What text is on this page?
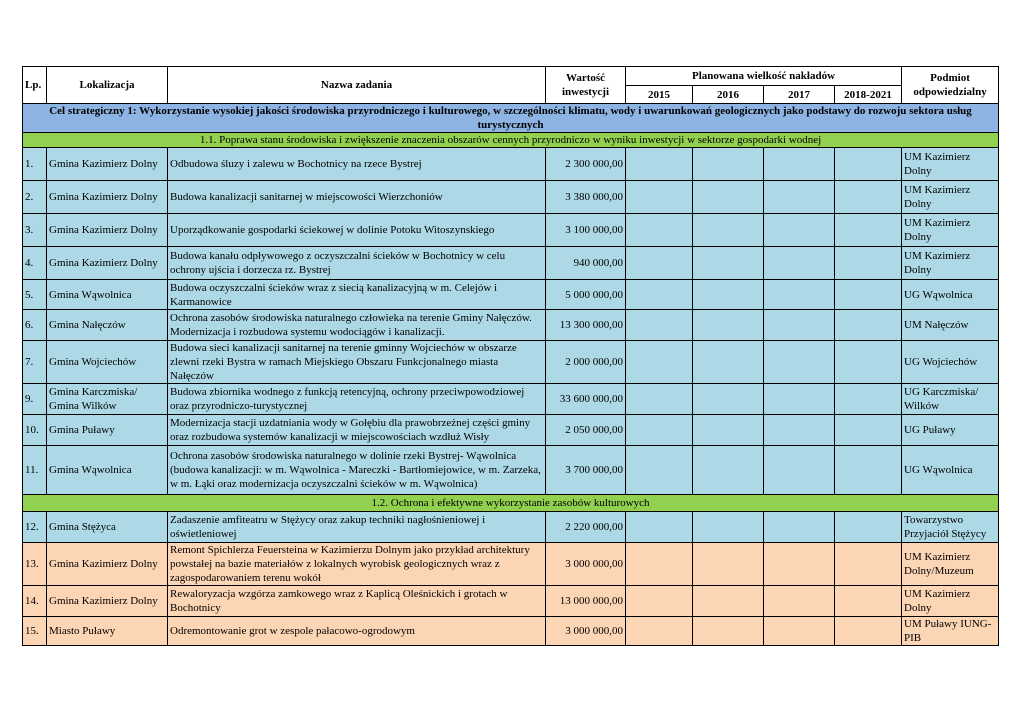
Lp.	Lokalizacja	Nazwa zadania	Wartość inwestycji	Planowana wielkość nakładów				Podmiot odpowiedzialny
				2015	2016	2017	2018-2021	
Cel strategiczny 1: Wykorzystanie wysokiej jakości środowiska przyrodniczego i kulturowego, w szczególności klimatu, wody i uwarunkowań geologicznych jako podstawy do rozwoju sektora usług turystycznych								
1.1. Poprawa stanu środowiska i zwiększenie znaczenia obszarów cennych przyrodniczo w wyniku inwestycji w sektorze gospodarki wodnej								
1.	Gmina Kazimierz Dolny	Odbudowa śluzy i zalewu w Bochotnicy na rzece Bystrej	2 300 000,00					UM Kazimierz Dolny
2.	Gmina Kazimierz Dolny	Budowa kanalizacji sanitarnej w miejscowości Wierzchoniów	3 380 000,00					UM Kazimierz Dolny
3.	Gmina Kazimierz Dolny	Uporządkowanie gospodarki ściekowej w dolinie Potoku Witoszynskiego	3 100 000,00					UM Kazimierz Dolny
4.	Gmina Kazimierz Dolny	Budowa kanału odpływowego z oczyszczalni ścieków w Bochotnicy w celu ochrony ujścia i dorzecza rz. Bystrej	940 000,00					UM Kazimierz Dolny
5.	Gmina Wąwolnica	Budowa oczyszczalni ścieków wraz z siecią kanalizacyjną w m. Celejów i Karmanowice	5 000 000,00					UG Wąwolnica
6.	Gmina Nałęczów	Ochrona zasobów środowiska naturalnego człowieka na terenie Gminy Nałęczów. Modernizacja i rozbudowa systemu wodociągów i kanalizacji.	13 300 000,00					UM Nałęczów
7.	Gmina Wojciechów	Budowa sieci kanalizacji sanitarnej na terenie gminny Wojciechów w obszarze zlewni rzeki Bystra w ramach Miejskiego Obszaru Funkcjonalnego miasta Nałęczów	2 000 000,00					UG Wojciechów
9.	Gmina Karczmiska/ Gmina Wilków	Budowa zbiornika wodnego z funkcją retencyjną, ochrony przeciwpowodziowej oraz przyrodniczo-turystycznej	33 600 000,00					UG Karczmiska/ Wilków
10.	Gmina Puławy	Modernizacja stacji uzdatniania wody w Gołębiu dla prawobrzeżnej części gminy oraz rozbudowa systemów kanalizacji w miejscowościach wzdłuż Wisły	2 050 000,00					UG Puławy
11.	Gmina Wąwolnica	Ochrona zasobów środowiska naturalnego w dolinie rzeki Bystrej- Wąwolnica (budowa kanalizacji: w m. Wąwolnica - Mareczki - Bartłomiejowice, w m. Zarzeka, w m. Łąki oraz modernizacja oczyszczalni ścieków w m. Wąwolnica)	3 700 000,00					UG Wąwolnica
1.2. Ochrona i efektywne wykorzystanie zasobów kulturowych								
12.	Gmina Stężyca	Zadaszenie amfiteatru w Stężycy oraz zakup techniki nagłośnieniowej i oświetleniowej	2 220 000,00					Towarzystwo Przyjaciół Stężycy
13.	Gmina Kazimierz Dolny	Remont Spichlerza Feuersteina w Kazimierzu Dolnym jako przykład architektury powstałej na bazie materiałów z lokalnych wyrobisk geologicznych wraz z zagospodarowaniem terenu wokół	3 000 000,00					UM Kazimierz Dolny/Muzeum
14.	Gmina Kazimierz Dolny	Rewaloryzacja wzgórza zamkowego wraz z Kaplicą Oleśnickich i grotach w Bochotnicy	13 000 000,00					UM Kazimierz Dolny
15.	Miasto Puławy	Odremontowanie grot w zespole pałacowo-ogrodowym	3 000 000,00					UM Puławy IUNG-PIB
